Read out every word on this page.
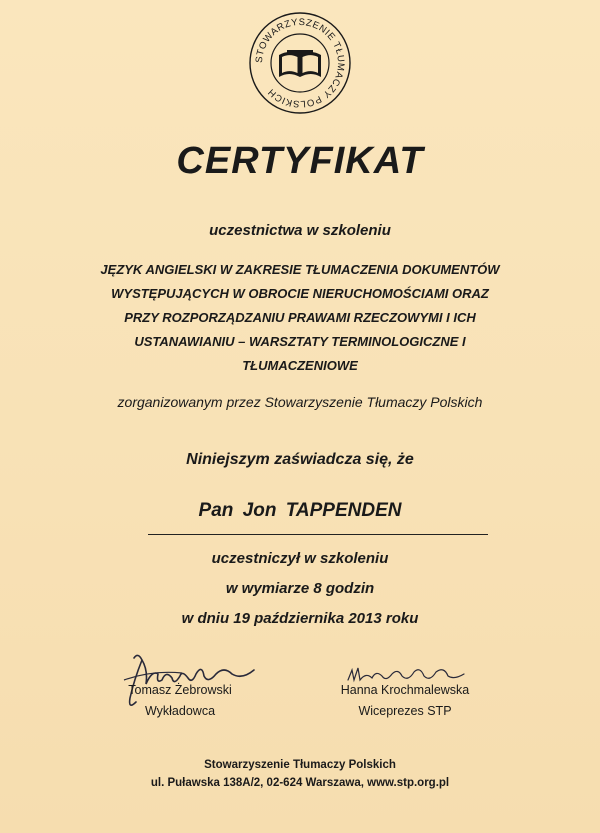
STOWARZYSZENIE TŁUMACZY POLSKICH
CERTYFIKAT
uczestnictwa w szkoleniu
JĘZYK ANGIELSKI W ZAKRESIE TŁUMACZENIA DOKUMENTÓW
WYSTĘPUJĄCYCH W OBROCIE NIERUCHOMOŚCIAMI ORAZ
PRZY ROZPORZĄDZANIU PRAWAMI RZECZOWYMI I ICH
USTANAWIANIU – WARSZTATY TERMINOLOGICZNE I
TŁUMACZENIOWE
zorganizowanym przez Stowarzyszenie Tłumaczy Polskich
Niniejszym zaświadcza się, że
Pan Jon TAPPENDEN
uczestniczył w szkoleniu
w wymiarze 8 godzin
w dniu 19 października 2013 roku
Tomasz Żebrowski
Wykładowca
Hanna Krochmalewska
Wiceprezes STP
Stowarzyszenie Tłumaczy Polskich
ul. Puławska 138A/2, 02-624 Warszawa, www.stp.org.pl
